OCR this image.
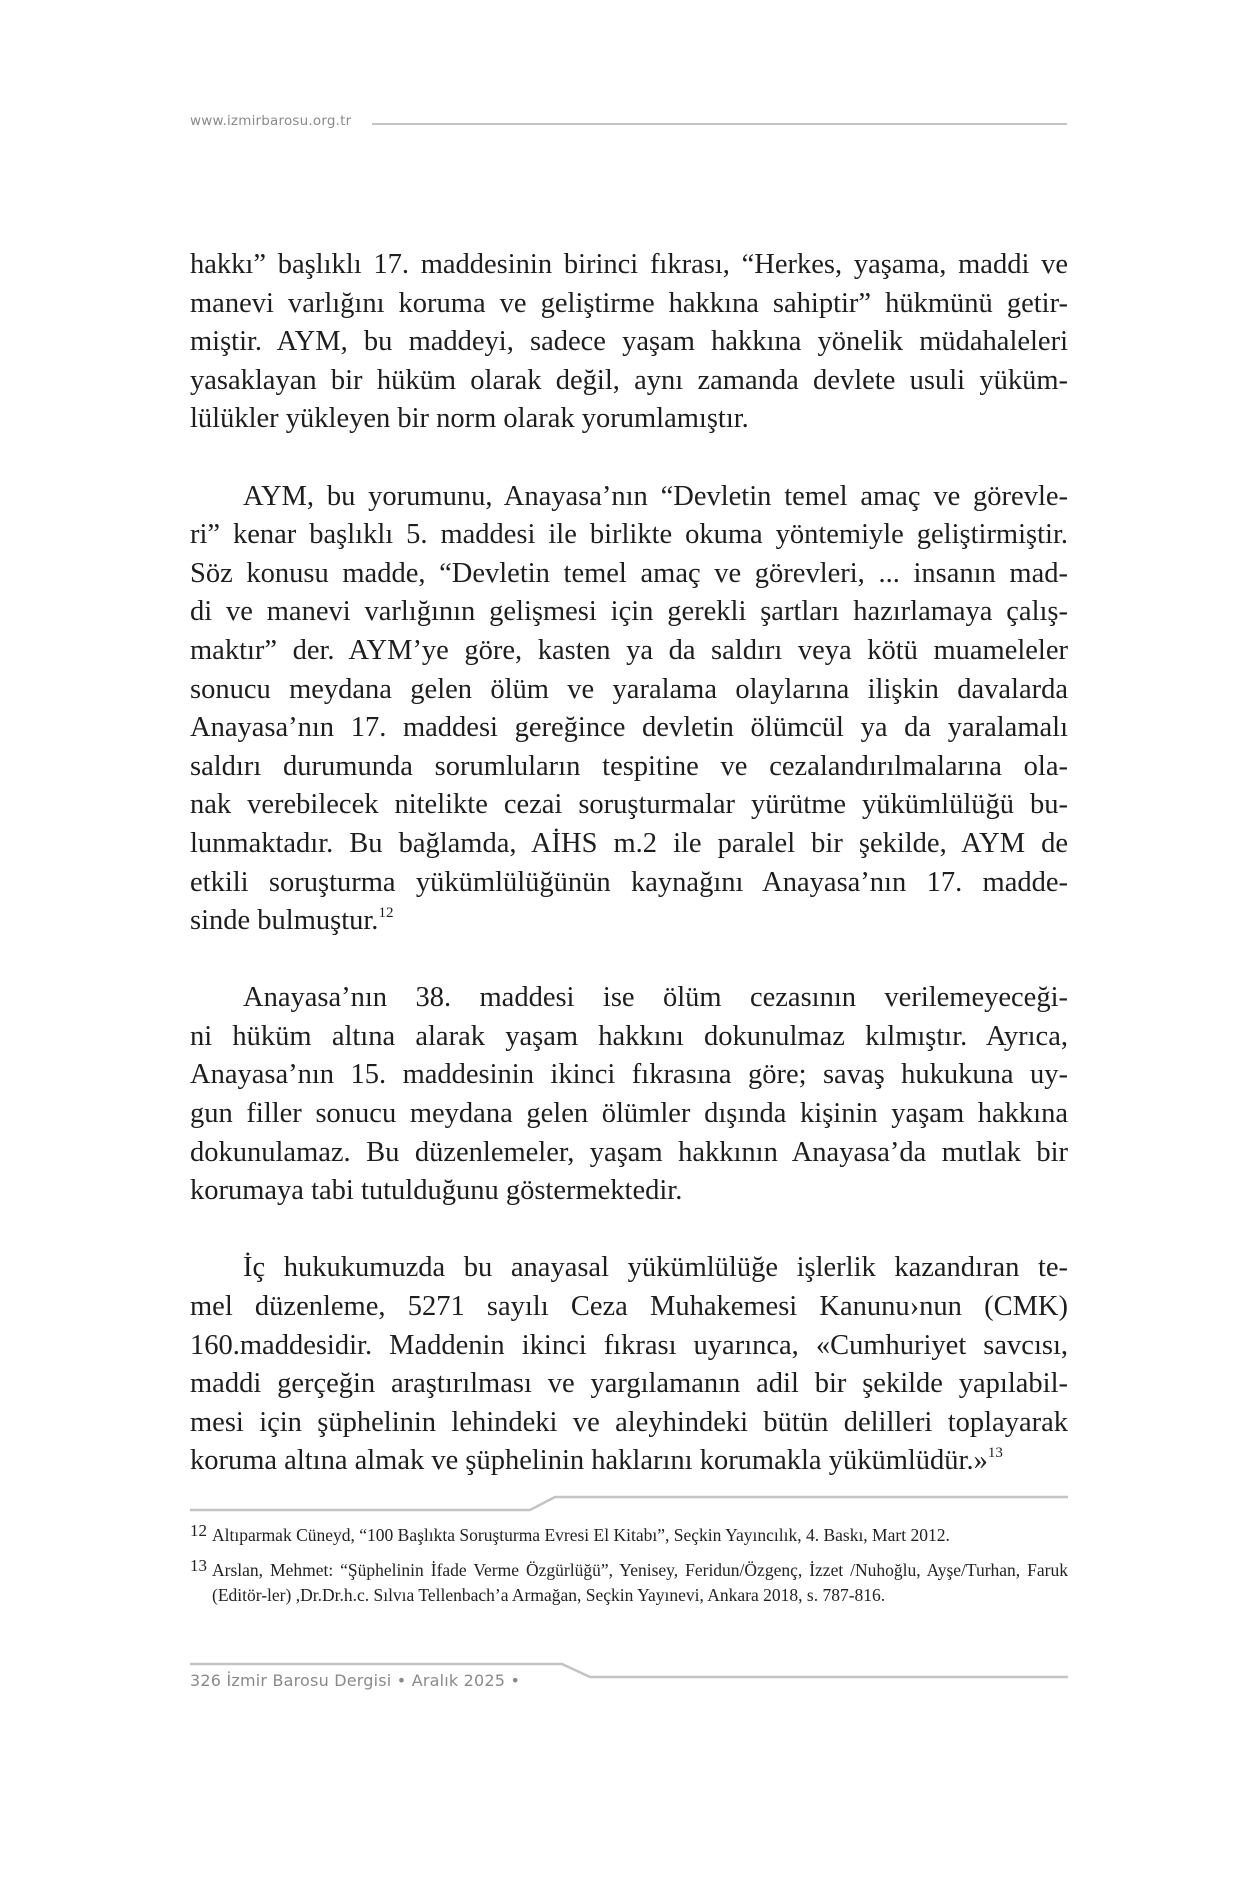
www.izmirbarosu.org.tr

hakkı” başlıklı 17. maddesinin birinci fıkrası, “Herkes, yaşama, maddi ve
manevi varlığını koruma ve geliştirme hakkına sahiptir” hükmünü getir-
miştir. AYM, bu maddeyi, sadece yaşam hakkına yönelik müdahaleleri
yasaklayan bir hüküm olarak değil, aynı zamanda devlete usuli yüküm-
lülükler yükleyen bir norm olarak yorumlamıştır.

AYM, bu yorumunu, Anayasa’nın “Devletin temel amaç ve görevle-
ri” kenar başlıklı 5. maddesi ile birlikte okuma yöntemiyle geliştirmiştir.
Söz konusu madde, “Devletin temel amaç ve görevleri, ... insanın mad-
di ve manevi varlığının gelişmesi için gerekli şartları hazırlamaya çalış-
maktır” der. AYM’ye göre, kasten ya da saldırı veya kötü muameleler
sonucu meydana gelen ölüm ve yaralama olaylarına ilişkin davalarda
Anayasa’nın 17. maddesi gereğince devletin ölümcül ya da yaralamalı
saldırı durumunda sorumluların tespitine ve cezalandırılmalarına ola-
nak verebilecek nitelikte cezai soruşturmalar yürütme yükümlülüğü bu-
lunmaktadır. Bu bağlamda, AİHS m.2 ile paralel bir şekilde, AYM de
etkili soruşturma yükümlülüğünün kaynağını Anayasa’nın 17. madde-
sinde bulmuştur.$^{12}$

Anayasa’nın 38. maddesi ise ölüm cezasının verilemeyeceği-
ni hüküm altına alarak yaşam hakkını dokunulmaz kılmıştır. Ayrıca,
Anayasa’nın 15. maddesinin ikinci fıkrasına göre; savaş hukukuna uy-
gun filler sonucu meydana gelen ölümler dışında kişinin yaşam hakkına
dokunulamaz. Bu düzenlemeler, yaşam hakkının Anayasa’da mutlak bir
korumaya tabi tutulduğunu göstermektedir.

İç hukukumuzda bu anayasal yükümlülüğe işlerlik kazandıran te-
mel düzenleme, 5271 sayılı Ceza Muhakemesi Kanunu›nun (CMK)
160.maddesidir. Maddenin ikinci fıkrası uyarınca, «Cumhuriyet savcısı,
maddi gerçeğin araştırılması ve yargılamanın adil bir şekilde yapılabil-
mesi için şüphelinin lehindeki ve aleyhindeki bütün delilleri toplayarak
koruma altına almak ve şüphelinin haklarını korumakla yükümlüdür.»$^{13}$

12 Altıparmak Cüneyd, “100 Başlıkta Soruşturma Evresi El Kitabı”, Seçkin Yayıncılık, 4. Baskı, Mart 2012.
13 Arslan, Mehmet: “Şüphelinin İfade Verme Özgürlüğü”, Yenisey, Feridun/Özgenç, İzzet /Nuhoğlu, Ayşe/Turhan, Faruk (Editör-ler) ,Dr.Dr.h.c. Sılvıa Tellenbach’a Armağan, Seçkin Yayınevi, Ankara 2018, s. 787-816.
326 İzmir Barosu Dergisi • Aralık 2025 •
